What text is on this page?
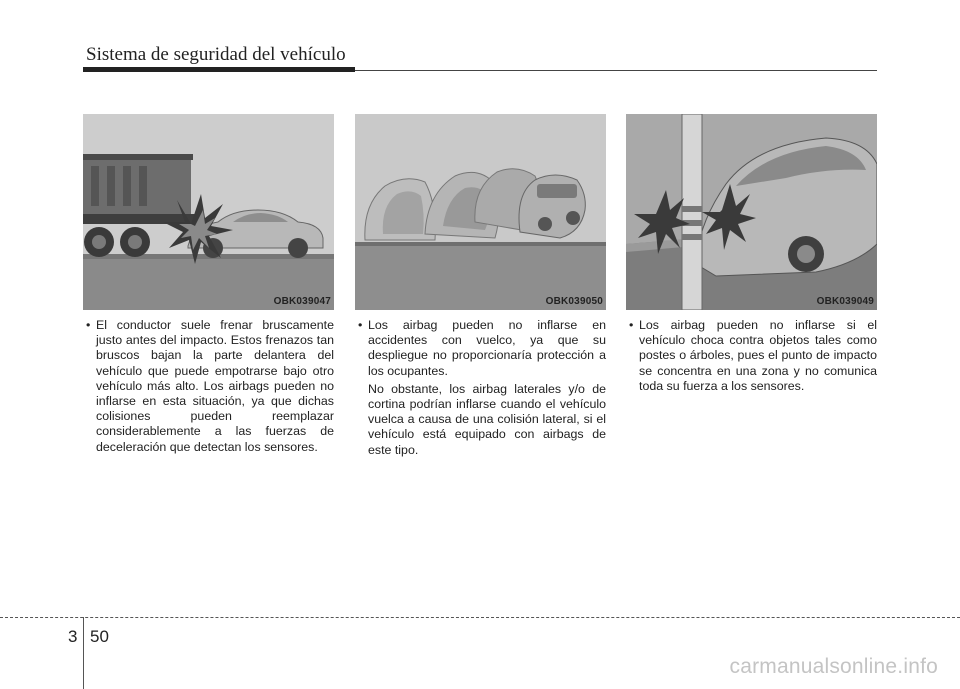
Sistema de seguridad del vehículo
OBK039047

• El conductor suele frenar bruscamente justo antes del impacto. Estos frenazos tan bruscos bajan la parte delantera del vehículo que puede empotrarse bajo otro vehículo más alto. Los airbags pueden no inflarse en esta situación, ya que dichas colisiones pueden reemplazar considerablemente a las fuerzas de deceleración que detectan los sensores.

OBK039050

• Los airbag pueden no inflarse en accidentes con vuelco, ya que su despliegue no proporcionaría protección a los ocupantes.

No obstante, los airbag laterales y/o de cortina podrían inflarse cuando el vehículo vuelca a causa de una colisión lateral, si el vehículo está equipado con airbags de este tipo.

OBK039049

• Los airbag pueden no inflarse si el vehículo choca contra objetos tales como postes o árboles, pues el punto de impacto se concentra en una zona y no comunica toda su fuerza a los sensores.

3 50
carmanualsonline.info
